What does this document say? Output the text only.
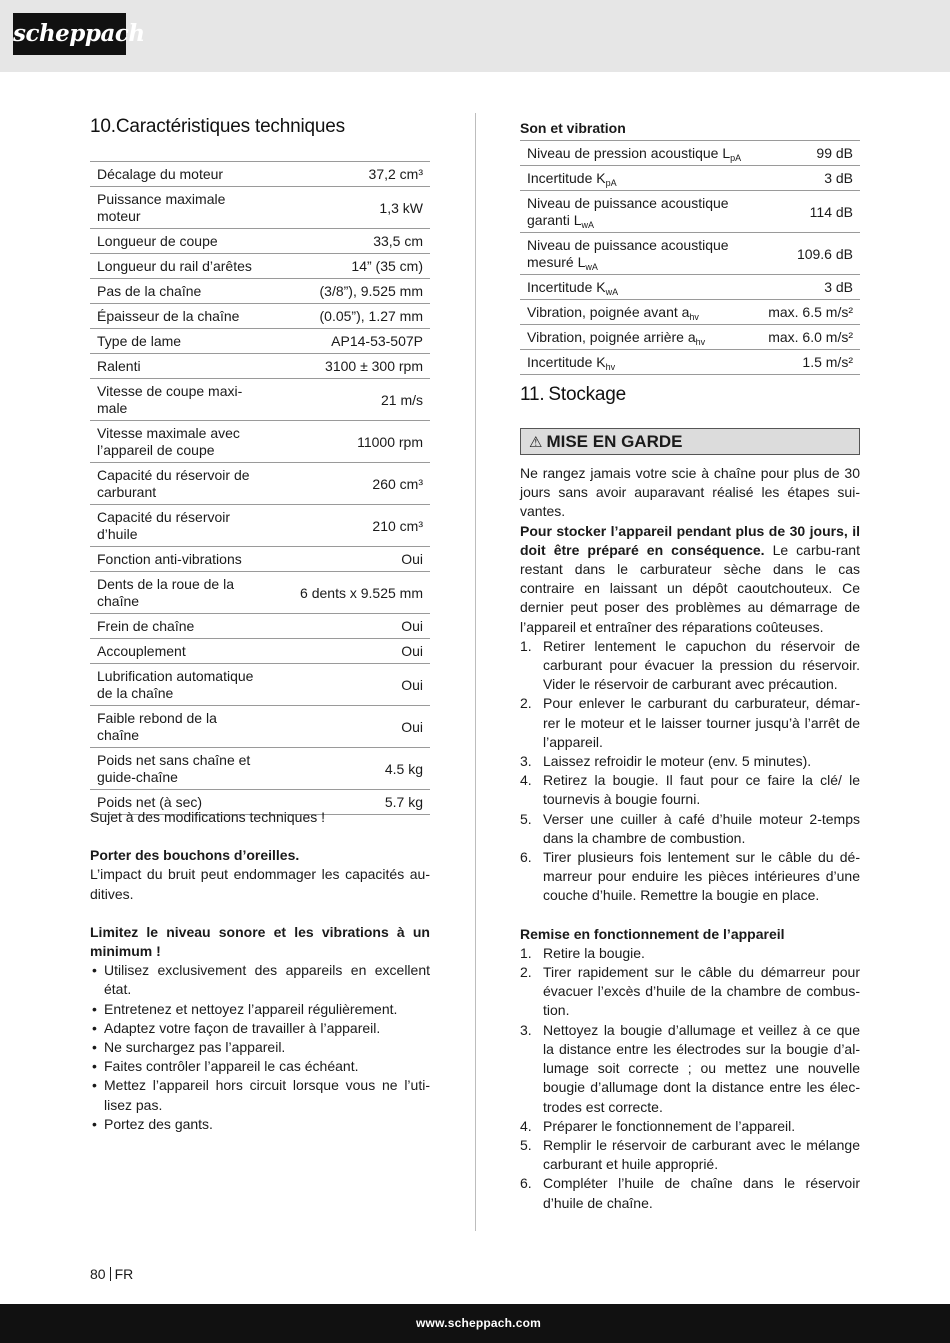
scheppach
10.Caractéristiques techniques
Décalage du moteur	37,2 cm³
Puissance maximale moteur	1,3 kW
Longueur de coupe	33,5 cm
Longueur du rail d’arêtes	14” (35 cm)
Pas de la chaîne	(3/8”), 9.525 mm
Épaisseur de la chaîne	(0.05”), 1.27 mm
Type de lame	AP14-53-507P
Ralenti	3100 ± 300 rpm
Vitesse de coupe maxi-male	21 m/s
Vitesse maximale avec l’appareil de coupe	11000 rpm
Capacité du réservoir de carburant	260 cm³
Capacité du réservoir d’huile	210 cm³
Fonction anti-vibrations	Oui
Dents de la roue de la chaîne	6 dents x 9.525 mm
Frein de chaîne	Oui
Accouplement	Oui
Lubrification automatique de la chaîne	Oui
Faible rebond de la chaîne	Oui
Poids net sans chaîne et guide-chaîne	4.5 kg
Poids net (à sec)	5.7 kg

Sujet à des modifications techniques !

Porter des bouchons d’oreilles.

L’impact du bruit peut endommager les capacités au-ditives.

Limitez le niveau sonore et les vibrations à un minimum !

• Utilisez exclusivement des appareils en excellent état.
• Entretenez et nettoyez l’appareil régulièrement.
• Adaptez votre façon de travailler à l’appareil.
• Ne surchargez pas l’appareil.
• Faites contrôler l’appareil le cas échéant.
• Mettez l’appareil hors circuit lorsque vous ne l’uti-lisez pas.
• Portez des gants.

Son et vibration

Niveau de pression acoustique $L_{pA}$	99 dB
Incertitude $K_{pA}$	3 dB
Niveau de puissance acoustique garanti $L_{wA}$	114 dB
Niveau de puissance acoustique mesuré $L_{wA}$	109.6 dB
Incertitude $K_{wA}$	3 dB
Vibration, poignée avant $a_{hv}$	max. 6.5 m/s²
Vibration, poignée arrière $a_{hv}$	max. 6.0 m/s²
Incertitude $K_{hv}$	1.5 m/s²
11. Stockage
⚠ MISE EN GARDE

Ne rangez jamais votre scie à chaîne pour plus de 30 jours sans avoir auparavant réalisé les étapes sui-vantes.

Pour stocker l’appareil pendant plus de 30 jours, il doit être préparé en conséquence. Le carbu-rant restant dans le carburateur sèche dans le cas contraire en laissant un dépôt caoutchouteux. Ce dernier peut poser des problèmes au démarrage de l’appareil et entraîner des réparations coûteuses.

1. Retirer lentement le capuchon du réservoir de carburant pour évacuer la pression du réservoir. Vider le réservoir de carburant avec précaution.
2. Pour enlever le carburant du carburateur, démar-rer le moteur et le laisser tourner jusqu’à l’arrêt de l’appareil.
3. Laissez refroidir le moteur (env. 5 minutes).
4. Retirez la bougie. Il faut pour ce faire la clé/ le tournevis à bougie fourni.
5. Verser une cuiller à café d’huile moteur 2-temps dans la chambre de combustion.
6. Tirer plusieurs fois lentement sur le câble du dé-marreur pour enduire les pièces intérieures d’une couche d’huile. Remettre la bougie en place.

Remise en fonctionnement de l’appareil

1. Retire la bougie.
2. Tirer rapidement sur le câble du démarreur pour évacuer l’excès d’huile de la chambre de combus-tion.
3. Nettoyez la bougie d’allumage et veillez à ce que la distance entre les électrodes sur la bougie d’al-lumage soit correcte ; ou mettez une nouvelle bougie d’allumage dont la distance entre les élec-trodes est correcte.
4. Préparer le fonctionnement de l’appareil.
5. Remplir le réservoir de carburant avec le mélange carburant et huile approprié.
6. Compléter l’huile de chaîne dans le réservoir d’huile de chaîne.
80 FR
www.scheppach.com
